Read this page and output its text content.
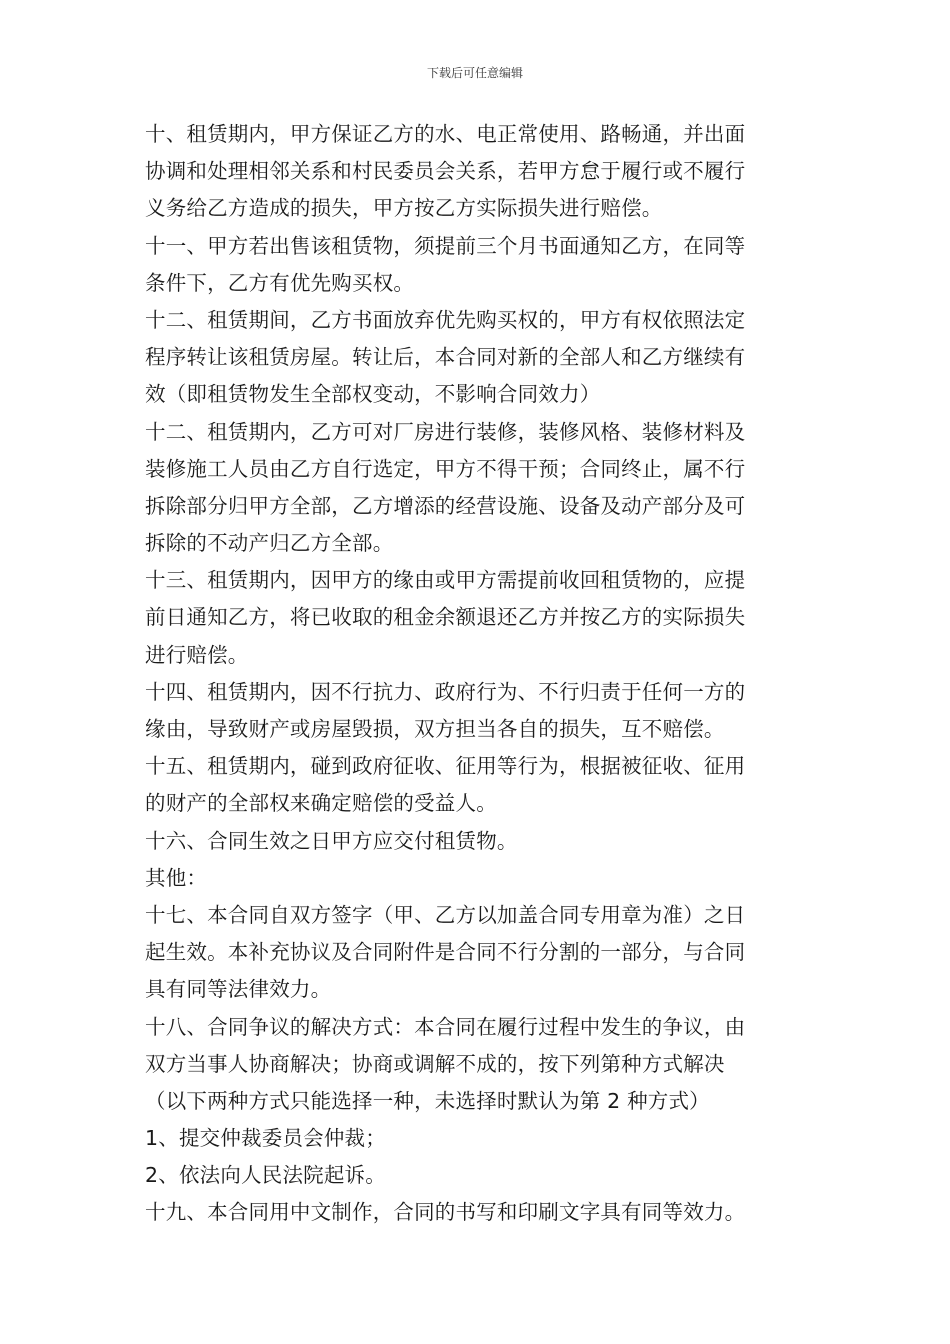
下载后可任意编辑

十、租赁期内，甲方保证乙方的水、电正常使用、路畅通，并出面
协调和处理相邻关系和村民委员会关系，若甲方怠于履行或不履行
义务给乙方造成的损失，甲方按乙方实际损失进行赔偿。

十一、甲方若出售该租赁物，须提前三个月书面通知乙方，在同等
条件下，乙方有优先购买权。

十二、租赁期间，乙方书面放弃优先购买权的，甲方有权依照法定
程序转让该租赁房屋。转让后，本合同对新的全部人和乙方继续有
效（即租赁物发生全部权变动，不影响合同效力）

十二、租赁期内，乙方可对厂房进行装修，装修风格、装修材料及
装修施工人员由乙方自行选定，甲方不得干预；合同终止，属不行
拆除部分归甲方全部，乙方增添的经营设施、设备及动产部分及可
拆除的不动产归乙方全部。

十三、租赁期内，因甲方的缘由或甲方需提前收回租赁物的，应提
前日通知乙方，将已收取的租金余额退还乙方并按乙方的实际损失
进行赔偿。

十四、租赁期内，因不行抗力、政府行为、不行归责于任何一方的
缘由，导致财产或房屋毁损，双方担当各自的损失，互不赔偿。

十五、租赁期内，碰到政府征收、征用等行为，根据被征收、征用
的财产的全部权来确定赔偿的受益人。

十六、合同生效之日甲方应交付租赁物。

其他：

十七、本合同自双方签字（甲、乙方以加盖合同专用章为准）之日
起生效。本补充协议及合同附件是合同不行分割的一部分，与合同
具有同等法律效力。

十八、合同争议的解决方式：本合同在履行过程中发生的争议，由
双方当事人协商解决；协商或调解不成的，按下列第种方式解决
（以下两种方式只能选择一种，未选择时默认为第 2 种方式）

1、提交仲裁委员会仲裁；

2、依法向人民法院起诉。

十九、本合同用中文制作，合同的书写和印刷文字具有同等效力。
